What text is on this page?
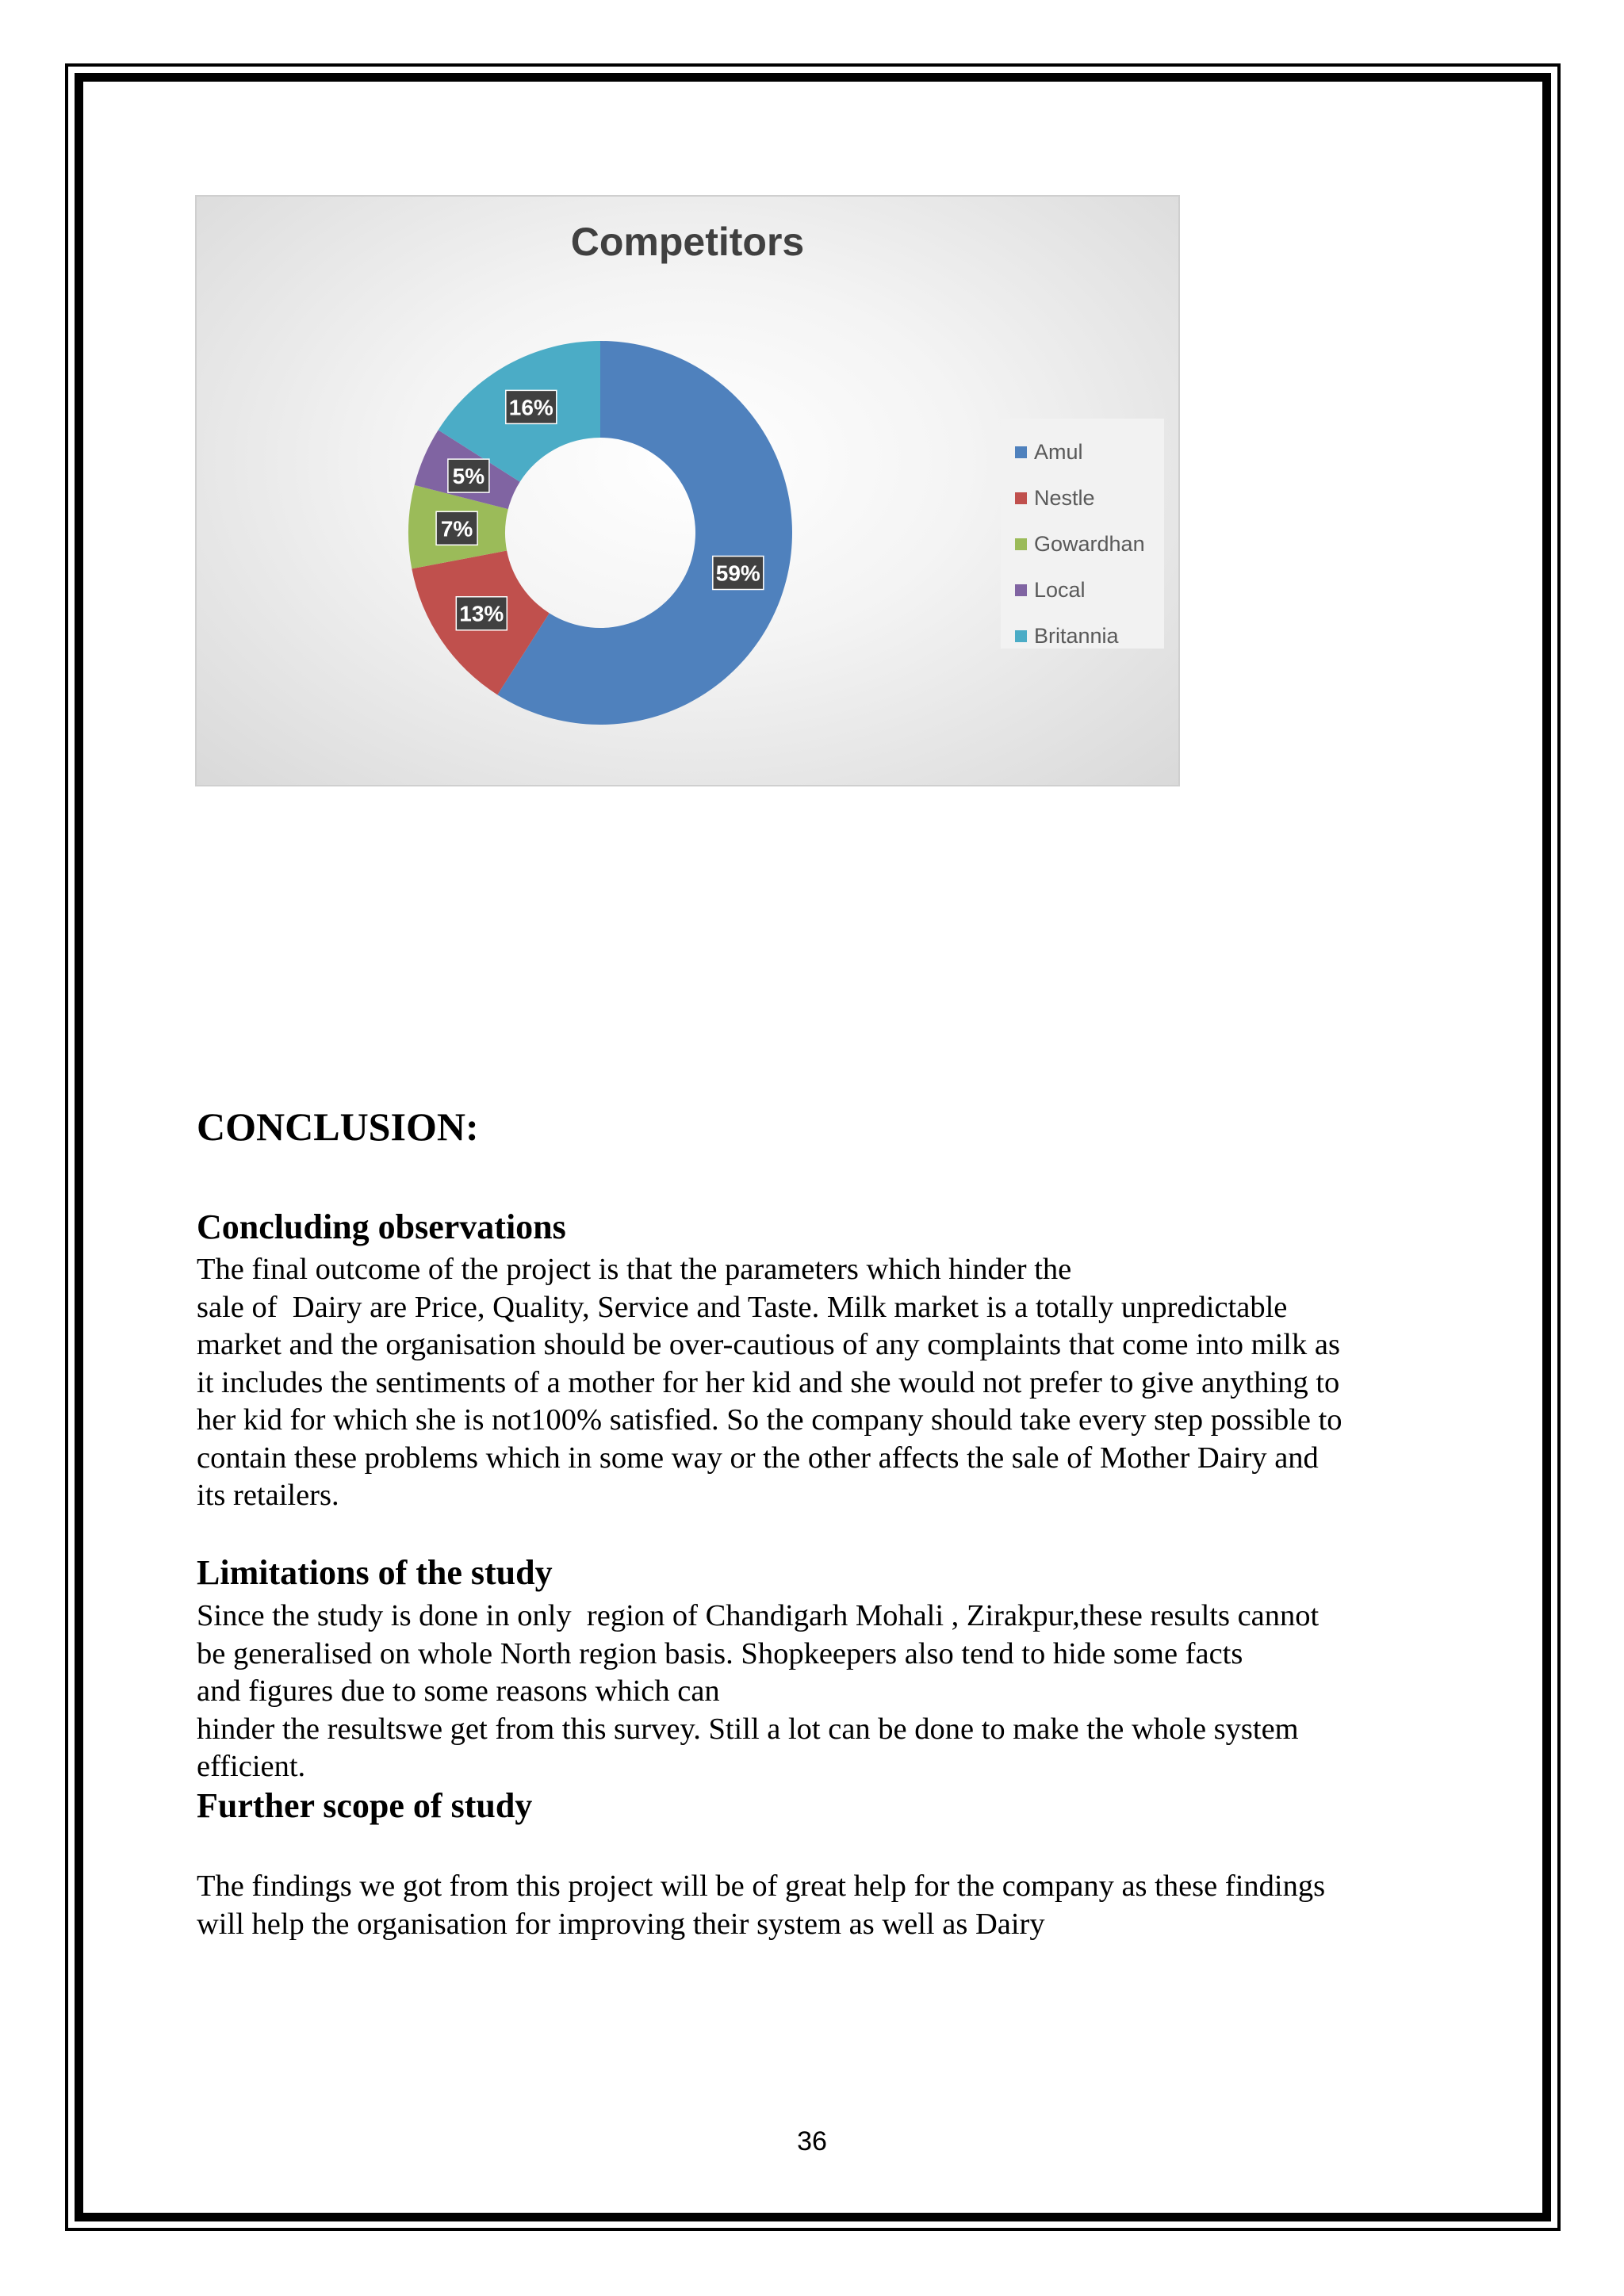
59%
13%
7%
5%
16%
Competitors
Amul
Nestle
Gowardhan
Local
Britannia
CONCLUSION:
Concluding observations
The final outcome of the project is that the parameters which hinder the
sale of  Dairy are Price, Quality, Service and Taste. Milk market is a totally unpredictable
market and the organisation should be over-cautious of any complaints that come into milk as
it includes the sentiments of a mother for her kid and she would not prefer to give anything to
her kid for which she is not100% satisfied. So the company should take every step possible to
contain these problems which in some way or the other affects the sale of Mother Dairy and
its retailers.
Limitations of the study
Since the study is done in only  region of Chandigarh Mohali , Zirakpur,these results cannot
be generalised on whole North region basis. Shopkeepers also tend to hide some facts
and figures due to some reasons which can
hinder the resultswe get from this survey. Still a lot can be done to make the whole system
efficient.
Further scope of study
The findings we got from this project will be of great help for the company as these findings
will help the organisation for improving their system as well as Dairy
36
